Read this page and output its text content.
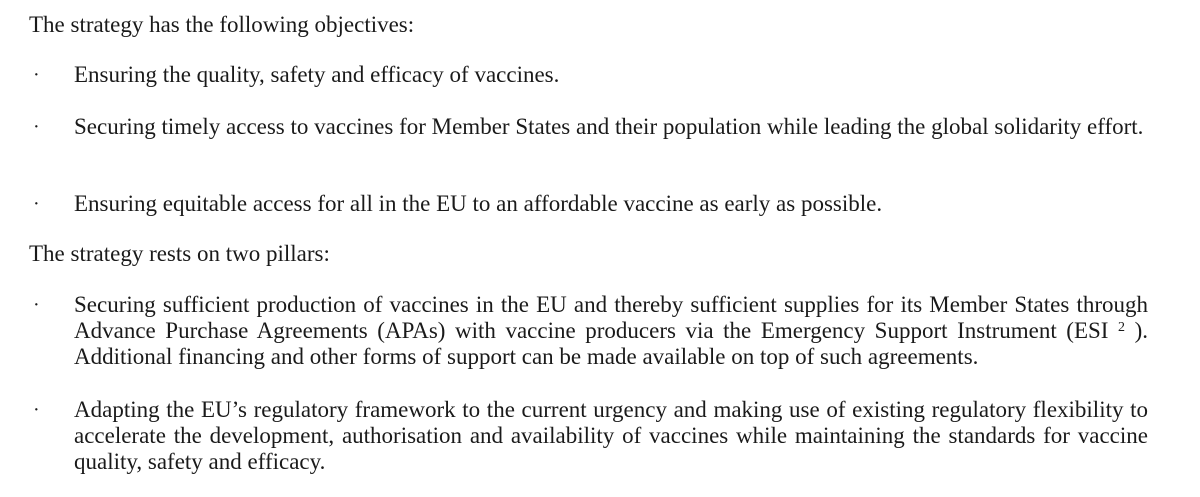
The strategy has the following objectives:

· Ensuring the quality, safety and efficacy of vaccines.

· Securing timely access to vaccines for Member States and their population while leading the global solidarity effort.

· Ensuring equitable access for all in the EU to an affordable vaccine as early as possible.

The strategy rests on two pillars:

· Securing sufficient production of vaccines in the EU and thereby sufficient supplies for its Member States through Advance Purchase Agreements (APAs) with vaccine producers via the Emergency Support Instrument (ESI $^2$ ). Additional financing and other forms of support can be made available on top of such agreements.

· Adapting the EU’s regulatory framework to the current urgency and making use of existing regulatory flexibility to accelerate the development, authorisation and availability of vaccines while maintaining the standards for vaccine quality, safety and efficacy.
